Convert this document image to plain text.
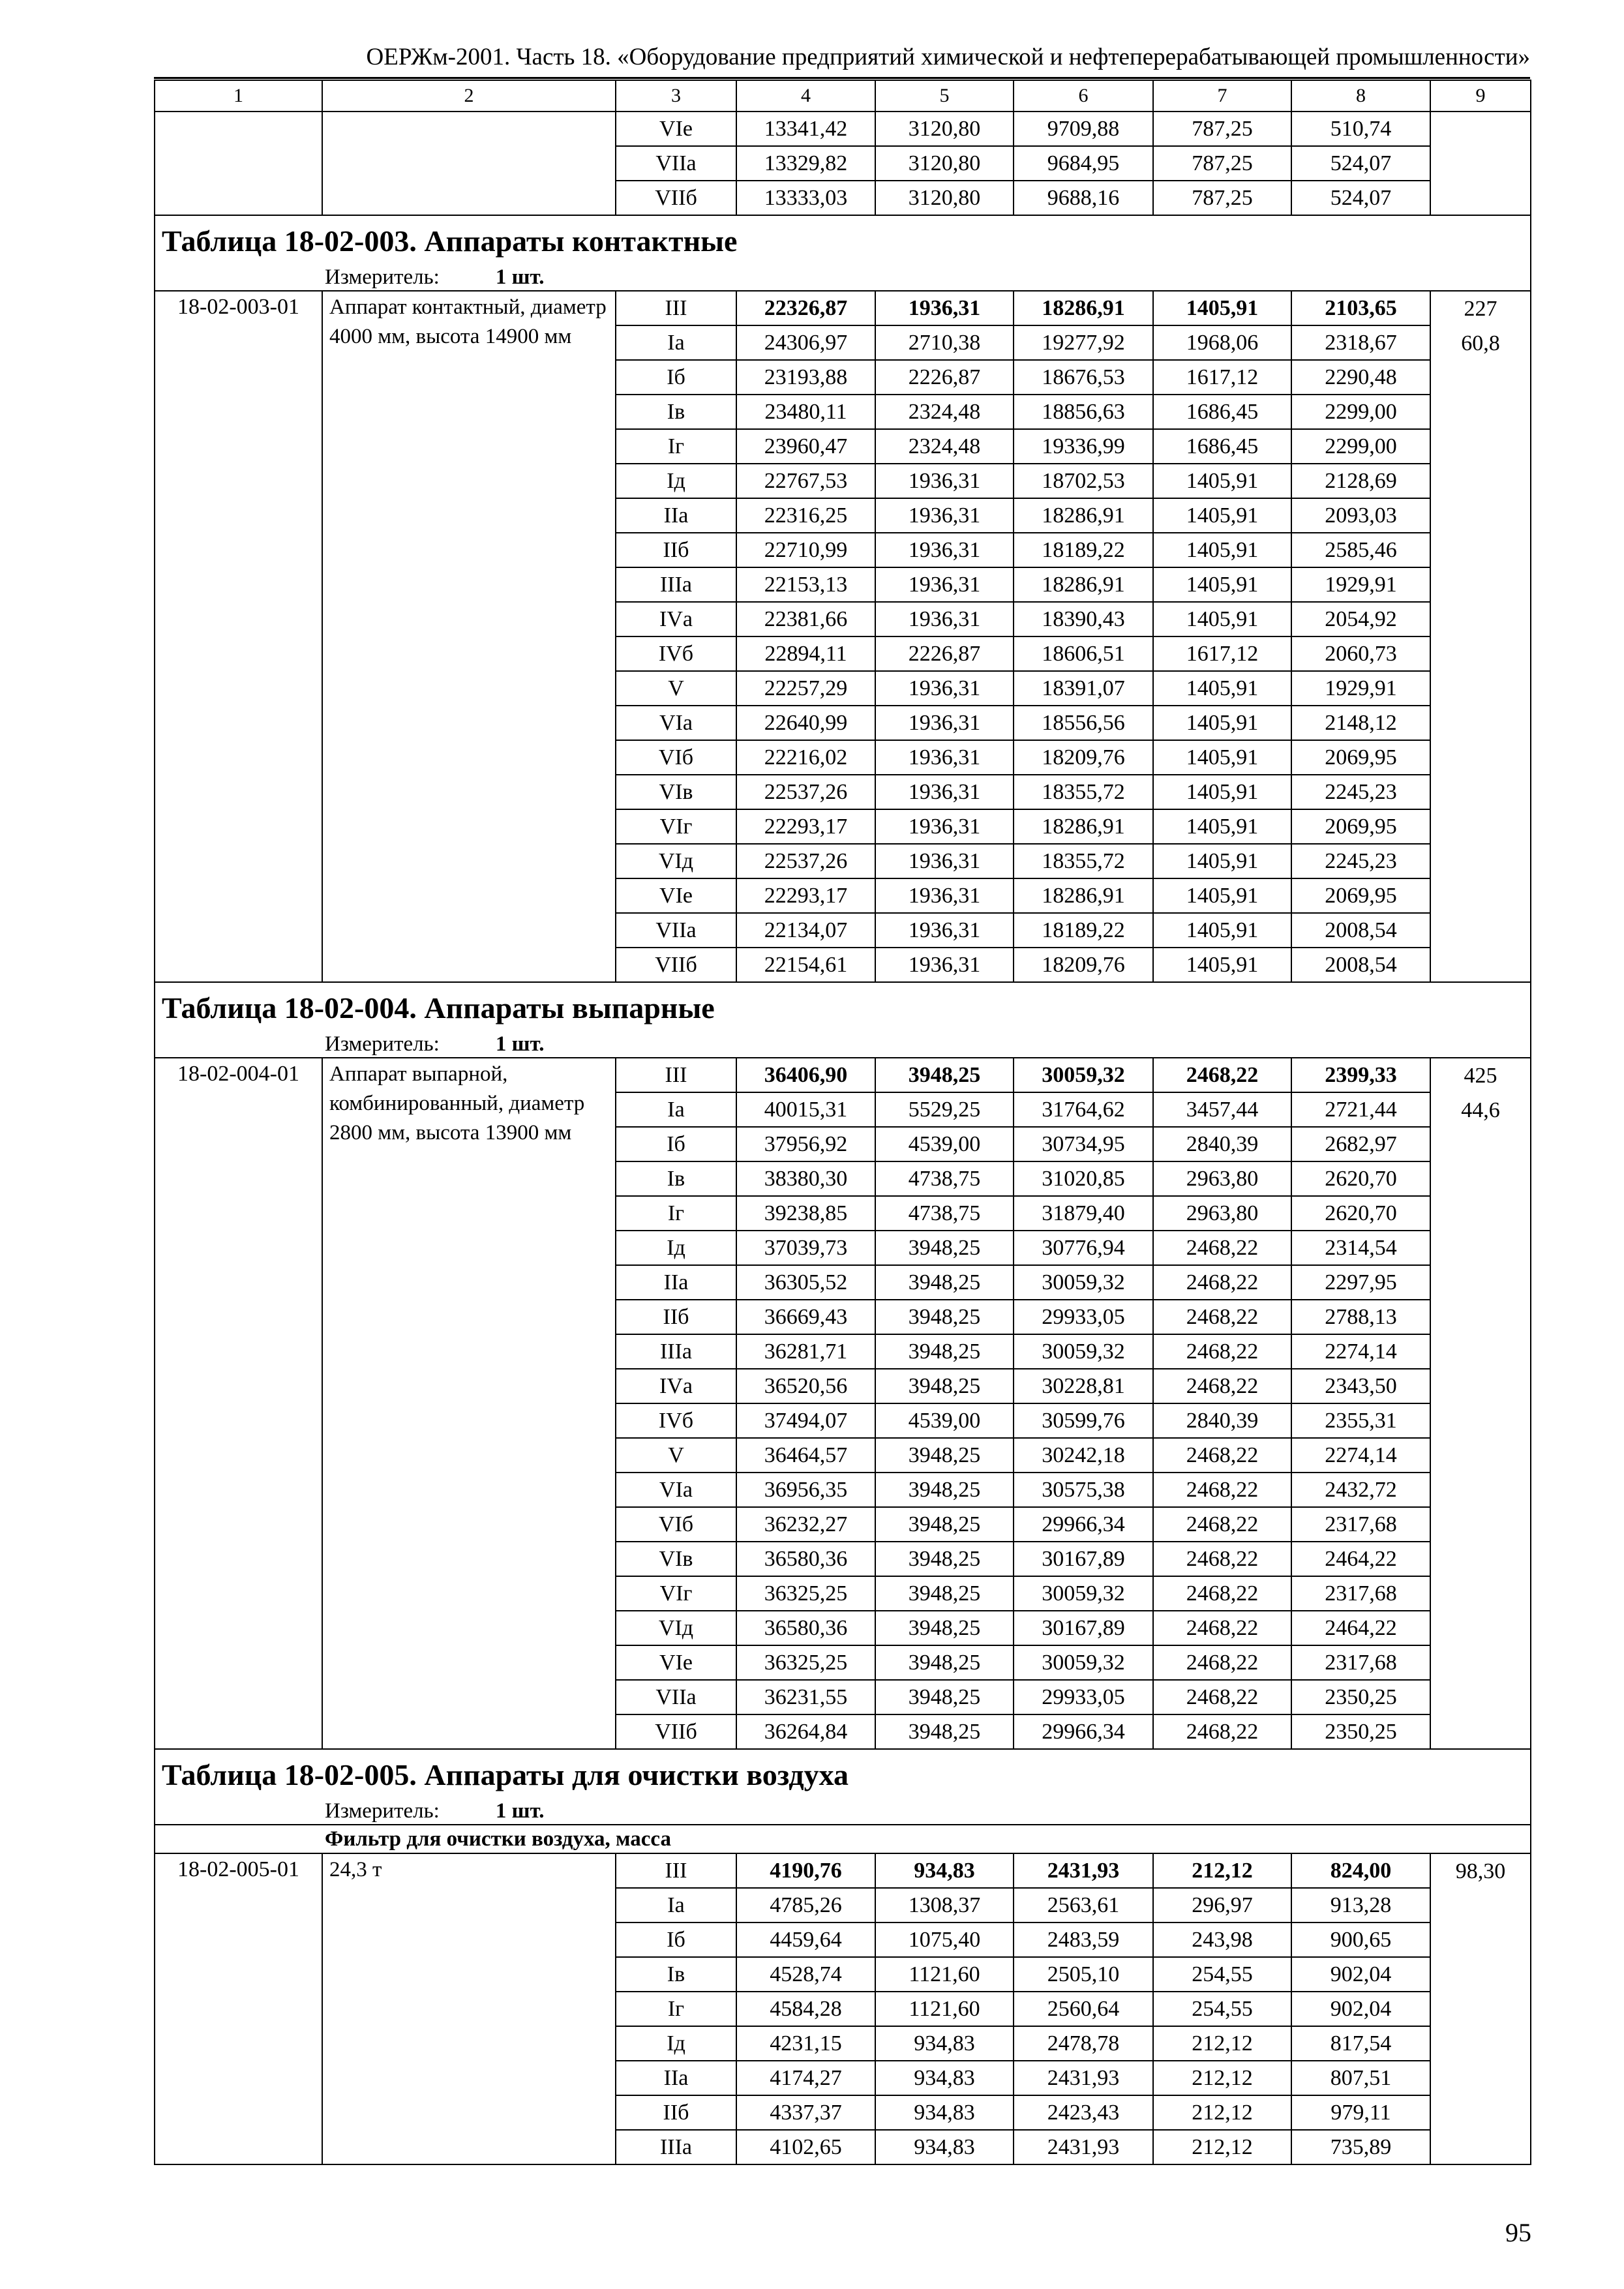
ОЕРЖм-2001. Часть 18. «Оборудование предприятий химической и нефтеперерабатывающей промышленности»
1	2	3	4	5	6	7	8	9
		VIе	13341,42	3120,80	9709,88	787,25	510,74	
		VIIа	13329,82	3120,80	9684,95	787,25	524,07	
		VIIб	13333,03	3120,80	9688,16	787,25	524,07	
Таблица 18-02-003. Аппараты контактные								
Измеритель: 1 шт.								
18-02-003-01	Аппарат контактный, диаметр 4000 мм, высота 14900 мм	III	22326,87	1936,31	18286,91	1405,91	2103,65	227
60,8

		Iа	24306,97	2710,38	19277,92	1968,06	2318,67	
		Iб	23193,88	2226,87	18676,53	1617,12	2290,48	
		Iв	23480,11	2324,48	18856,63	1686,45	2299,00	
		Iг	23960,47	2324,48	19336,99	1686,45	2299,00	
		Iд	22767,53	1936,31	18702,53	1405,91	2128,69	
		IIа	22316,25	1936,31	18286,91	1405,91	2093,03	
		IIб	22710,99	1936,31	18189,22	1405,91	2585,46	
		IIIа	22153,13	1936,31	18286,91	1405,91	1929,91	
		IVа	22381,66	1936,31	18390,43	1405,91	2054,92	
		IVб	22894,11	2226,87	18606,51	1617,12	2060,73	
		V	22257,29	1936,31	18391,07	1405,91	1929,91	
		VIа	22640,99	1936,31	18556,56	1405,91	2148,12	
		VIб	22216,02	1936,31	18209,76	1405,91	2069,95	
		VIв	22537,26	1936,31	18355,72	1405,91	2245,23	
		VIг	22293,17	1936,31	18286,91	1405,91	2069,95	
		VIд	22537,26	1936,31	18355,72	1405,91	2245,23	
		VIе	22293,17	1936,31	18286,91	1405,91	2069,95	
		VIIа	22134,07	1936,31	18189,22	1405,91	2008,54	
		VIIб	22154,61	1936,31	18209,76	1405,91	2008,54	
Таблица 18-02-004. Аппараты выпарные								
Измеритель: 1 шт.								
18-02-004-01	Аппарат выпарной, комбинированный, диаметр 2800 мм, высота 13900 мм	III	36406,90	3948,25	30059,32	2468,22	2399,33	425
44,6

		Iа	40015,31	5529,25	31764,62	3457,44	2721,44	
		Iб	37956,92	4539,00	30734,95	2840,39	2682,97	
		Iв	38380,30	4738,75	31020,85	2963,80	2620,70	
		Iг	39238,85	4738,75	31879,40	2963,80	2620,70	
		Iд	37039,73	3948,25	30776,94	2468,22	2314,54	
		IIа	36305,52	3948,25	30059,32	2468,22	2297,95	
		IIб	36669,43	3948,25	29933,05	2468,22	2788,13	
		IIIа	36281,71	3948,25	30059,32	2468,22	2274,14	
		IVа	36520,56	3948,25	30228,81	2468,22	2343,50	
		IVб	37494,07	4539,00	30599,76	2840,39	2355,31	
		V	36464,57	3948,25	30242,18	2468,22	2274,14	
		VIа	36956,35	3948,25	30575,38	2468,22	2432,72	
		VIб	36232,27	3948,25	29966,34	2468,22	2317,68	
		VIв	36580,36	3948,25	30167,89	2468,22	2464,22	
		VIг	36325,25	3948,25	30059,32	2468,22	2317,68	
		VIд	36580,36	3948,25	30167,89	2468,22	2464,22	
		VIе	36325,25	3948,25	30059,32	2468,22	2317,68	
		VIIа	36231,55	3948,25	29933,05	2468,22	2350,25	
		VIIб	36264,84	3948,25	29966,34	2468,22	2350,25	
Таблица 18-02-005. Аппараты для очистки воздуха								
Измеритель: 1 шт.								
Фильтр для очистки воздуха, масса								
18-02-005-01	24,3 т	III	4190,76	934,83	2431,93	212,12	824,00	98,30

		Iа	4785,26	1308,37	2563,61	296,97	913,28	
		Iб	4459,64	1075,40	2483,59	243,98	900,65	
		Iв	4528,74	1121,60	2505,10	254,55	902,04	
		Iг	4584,28	1121,60	2560,64	254,55	902,04	
		Iд	4231,15	934,83	2478,78	212,12	817,54	
		IIа	4174,27	934,83	2431,93	212,12	807,51	
		IIб	4337,37	934,83	2423,43	212,12	979,11	
		IIIа	4102,65	934,83	2431,93	212,12	735,89	
95
